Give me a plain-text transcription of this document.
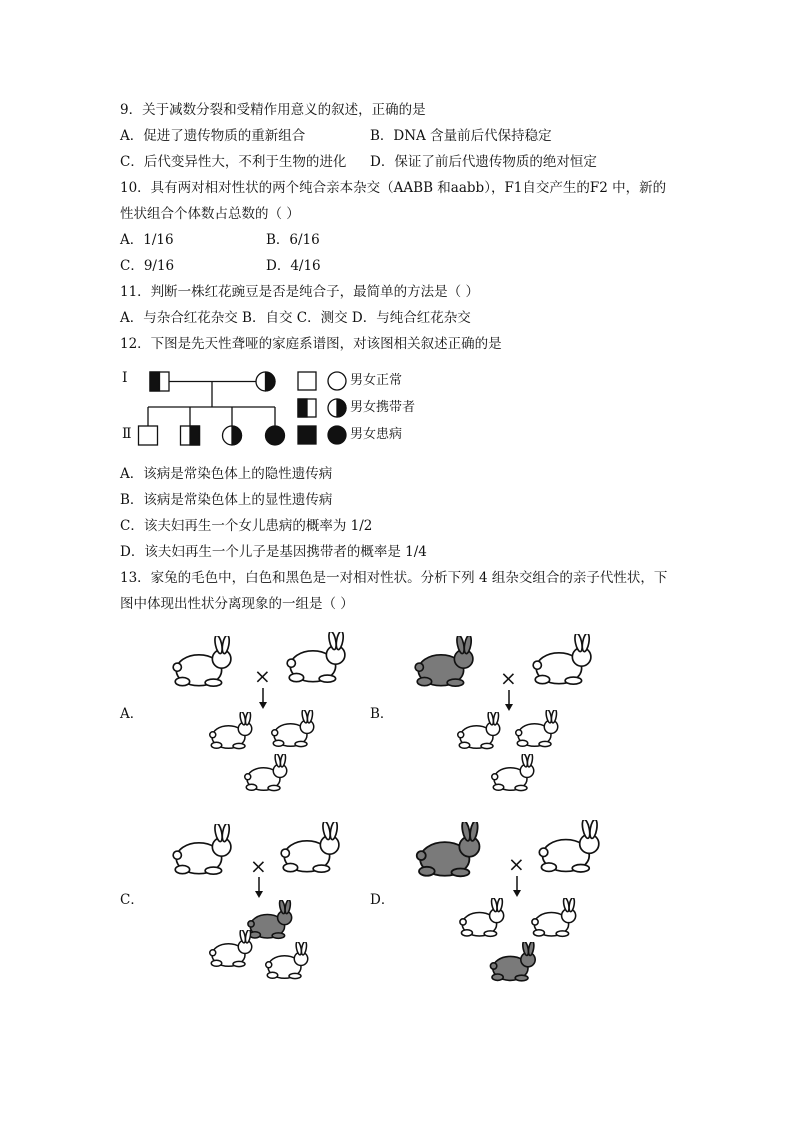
9．关于减数分裂和受精作用意义的叙述，正确的是
A．促进了遗传物质的重新组合	B．DNA 含量前后代保持稳定
C．后代变异性大，不利于生物的进化 D．保证了前后代遗传物质的绝对恒定
10．具有两对相对性状的两个纯合亲本杂交（AABB 和aabb），F1自交产生的F2 中，新的
性状组合个体数占总数的（ ）
A．1/16	B．6/16
C．9/16	D．4/16
11．判断一株红花豌豆是否是纯合子，最简单的方法是（ ）
A．与杂合红花杂交 B．自交 C．测交 D．与纯合红花杂交
12．下图是先天性聋哑的家庭系谱图，对该图相关叙述正确的是
Ⅰ
Ⅱ
男女正常
男女携带者
男女患病
A．该病是常染色体上的隐性遗传病
B．该病是常染色体上的显性遗传病
C．该夫妇再生一个女儿患病的概率为 1/2
D．该夫妇再生一个儿子是基因携带者的概率是 1/4
13．家兔的毛色中，白色和黑色是一对相对性状。分析下列 4 组杂交组合的亲子代性状，下
图中体现出性状分离现象的一组是（ ）
A．	B．
C．	D．
×	×
×	×
